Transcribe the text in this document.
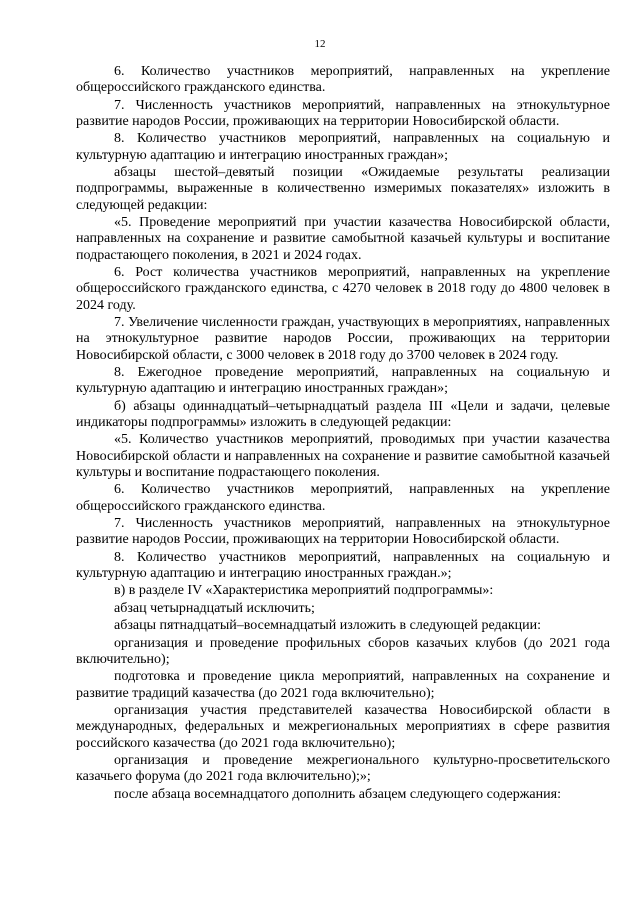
12

6. Количество участников мероприятий, направленных на укрепление общероссийского гражданского единства.

7. Численность участников мероприятий, направленных на этнокультурное развитие народов России, проживающих на территории Новосибирской области.

8. Количество участников мероприятий, направленных на социальную и культурную адаптацию и интеграцию иностранных граждан»;

абзацы шестой–девятый позиции «Ожидаемые результаты реализации подпрограммы, выраженные в количественно измеримых показателях» изложить в следующей редакции:

«5. Проведение мероприятий при участии казачества Новосибирской области, направленных на сохранение и развитие самобытной казачьей культуры и воспитание подрастающего поколения, в 2021 и 2024 годах.

6. Рост количества участников мероприятий, направленных на укрепление общероссийского гражданского единства, с 4270 человек в 2018 году до 4800 человек в 2024 году.

7. Увеличение численности граждан, участвующих в мероприятиях, направленных на этнокультурное развитие народов России, проживающих на территории Новосибирской области, с 3000 человек в 2018 году до 3700 человек в 2024 году.

8. Ежегодное проведение мероприятий, направленных на социальную и культурную адаптацию и интеграцию иностранных граждан»;

б) абзацы одиннадцатый–четырнадцатый раздела III «Цели и задачи, целевые индикаторы подпрограммы» изложить в следующей редакции:

«5. Количество участников мероприятий, проводимых при участии казачества Новосибирской области и направленных на сохранение и развитие самобытной казачьей культуры и воспитание подрастающего поколения.

6. Количество участников мероприятий, направленных на укрепление общероссийского гражданского единства.

7. Численность участников мероприятий, направленных на этнокультурное развитие народов России, проживающих на территории Новосибирской области.

8. Количество участников мероприятий, направленных на социальную и культурную адаптацию и интеграцию иностранных граждан.»;

в) в разделе IV «Характеристика мероприятий подпрограммы»:

абзац четырнадцатый исключить;

абзацы пятнадцатый–восемнадцатый изложить в следующей редакции:

организация и проведение профильных сборов казачьих клубов (до 2021 года включительно);

подготовка и проведение цикла мероприятий, направленных на сохранение и развитие традиций казачества (до 2021 года включительно);

организация участия представителей казачества Новосибирской области в международных, федеральных и межрегиональных мероприятиях в сфере развития российского казачества (до 2021 года включительно);

организация и проведение межрегионального культурно-просветительского казачьего форума (до 2021 года включительно);»;

после абзаца восемнадцатого дополнить абзацем следующего содержания:
